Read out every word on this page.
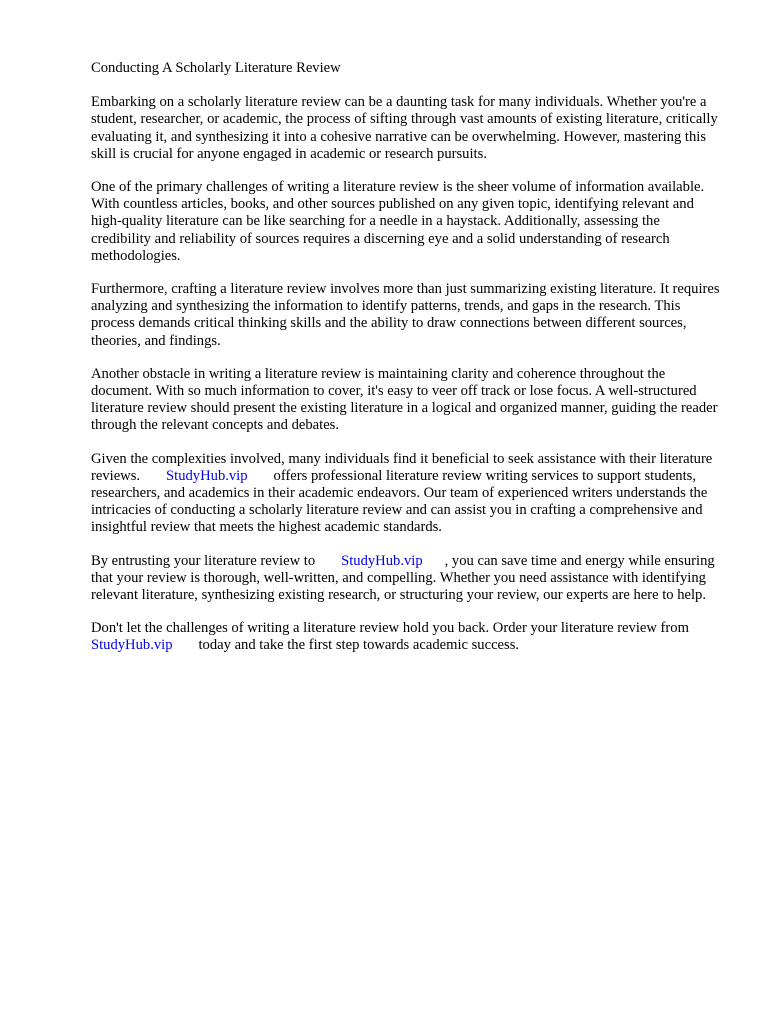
Conducting A Scholarly Literature Review

Embarking on a scholarly literature review can be a daunting task for many individuals. Whether you're a student, researcher, or academic, the process of sifting through vast amounts of existing literature, critically evaluating it, and synthesizing it into a cohesive narrative can be overwhelming. However, mastering this skill is crucial for anyone engaged in academic or research pursuits.

One of the primary challenges of writing a literature review is the sheer volume of information available. With countless articles, books, and other sources published on any given topic, identifying relevant and high-quality literature can be like searching for a needle in a haystack. Additionally, assessing the credibility and reliability of sources requires a discerning eye and a solid understanding of research methodologies.

Furthermore, crafting a literature review involves more than just summarizing existing literature. It requires analyzing and synthesizing the information to identify patterns, trends, and gaps in the research. This process demands critical thinking skills and the ability to draw connections between different sources, theories, and findings.

Another obstacle in writing a literature review is maintaining clarity and coherence throughout the document. With so much information to cover, it's easy to veer off track or lose focus. A well-structured literature review should present the existing literature in a logical and organized manner, guiding the reader through the relevant concepts and debates.

Given the complexities involved, many individuals find it beneficial to seek assistance with their literature reviews. StudyHub.vip offers professional literature review writing services to support students, researchers, and academics in their academic endeavors. Our team of experienced writers understands the intricacies of conducting a scholarly literature review and can assist you in crafting a comprehensive and insightful review that meets the highest academic standards.

By entrusting your literature review to StudyHub.vip , you can save time and energy while ensuring that your review is thorough, well-written, and compelling. Whether you need assistance with identifying relevant literature, synthesizing existing research, or structuring your review, our experts are here to help.

Don't let the challenges of writing a literature review hold you back. Order your literature review fromStudyHub.vip today and take the first step towards academic success.
